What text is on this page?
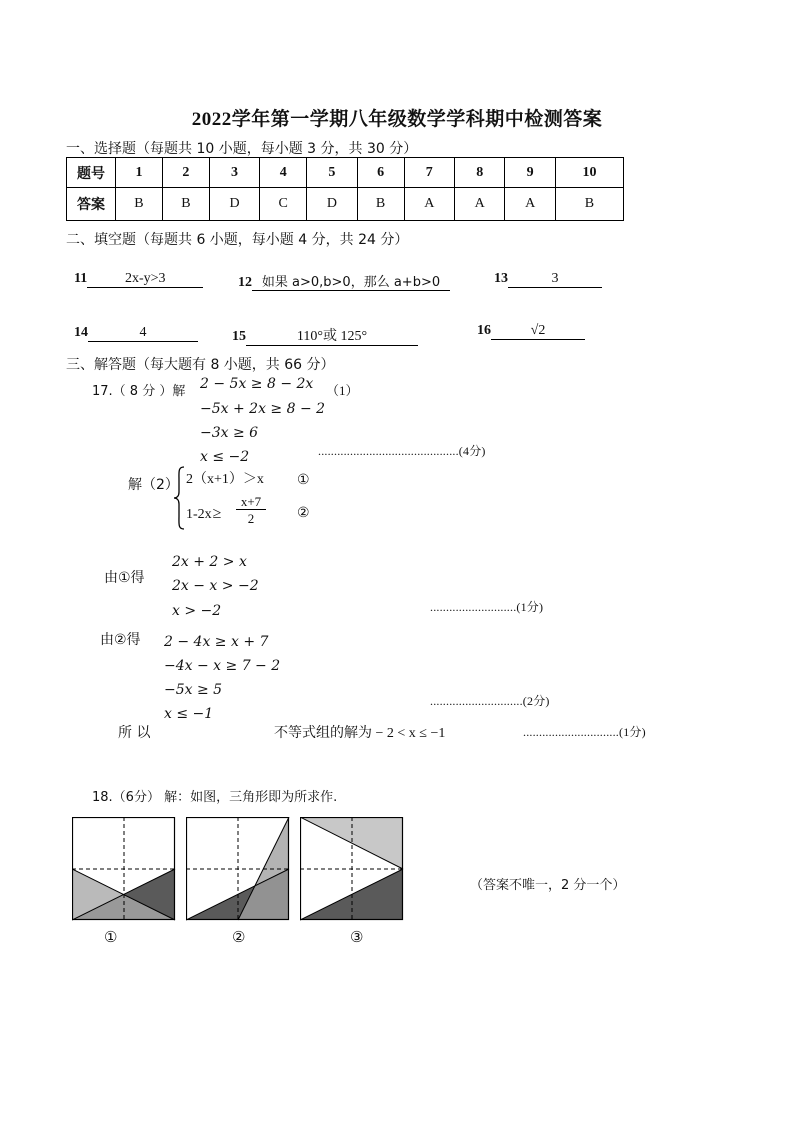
2022学年第一学期八年级数学学科期中检测答案
一、选择题（每题共 10 小题，每小题 3 分，共 30 分）
题号	1	2	3	4	5	6	7	8	9	10
答案	B	B	D	C	D	B	A	A	A	B
二、填空题（每题共 6 小题，每小题 4 分，共 24 分）
11	2x-y>3	12 如果 a>0,b>0，那么 a+b>0	13	3
14	4	15	110°或 125°	16	√2
三、解答题（每大题有 8 小题，共 66 分）
17.（ 8 分 ）解	（1）
2 − 5x ≥ 8 − 2x
−5x + 2x ≥ 8 − 2
−3x ≥ 6
x ≤ −2	............................................(4分)
解（2） 2（x+1）＞x
$1-2x\ge \frac{x+7}{2}$
①
②
由①得
2x + 2 > x
2x − x > −2
x > −2	...........................(1分)
由②得 2 − 4x ≥ x + 7
−4x − x ≥ 7 − 2
−5x ≥ 5
x ≤ −1
.............................(2分)
所 以	不等式组的解为 − 2 < x ≤ −1	..............................(1分)
18.（6分） 解：如图，三角形即为所求作.
①	②	③
（答案不唯一，2 分一个）
